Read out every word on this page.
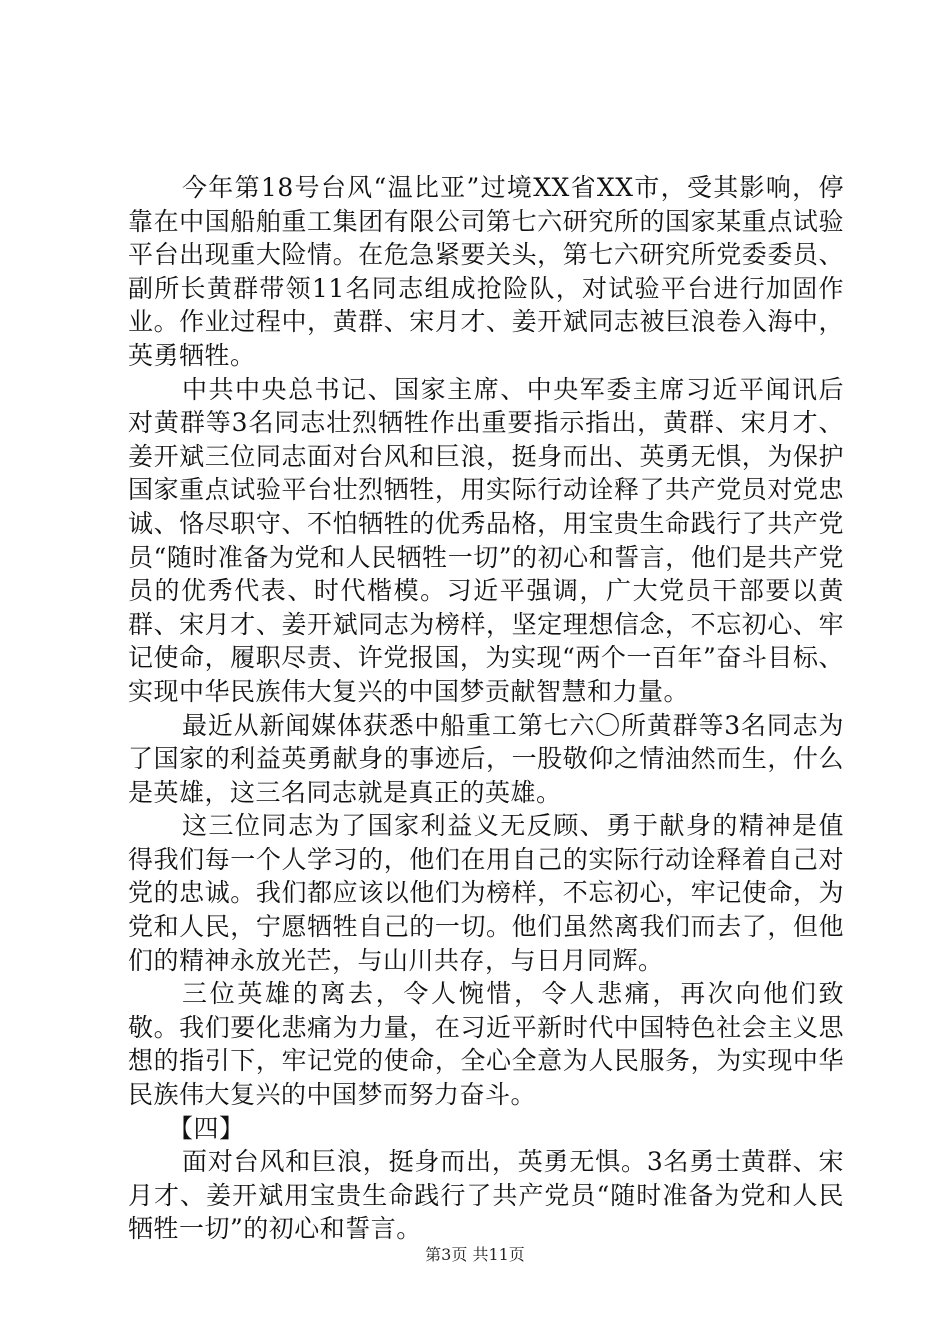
今年第18号台风“温比亚”过境XX省XX市，受其影响，停靠在中国船舶重工集团有限公司第七六研究所的国家某重点试验平台出现重大险情。在危急紧要关头，第七六研究所党委委员、副所长黄群带领11名同志组成抢险队，对试验平台进行加固作业。作业过程中，黄群、宋月才、姜开斌同志被巨浪卷入海中，英勇牺牲。

中共中央总书记、国家主席、中央军委主席习近平闻讯后对黄群等3名同志壮烈牺牲作出重要指示指出，黄群、宋月才、姜开斌三位同志面对台风和巨浪，挺身而出、英勇无惧，为保护国家重点试验平台壮烈牺牲，用实际行动诠释了共产党员对党忠诚、恪尽职守、不怕牺牲的优秀品格，用宝贵生命践行了共产党员“随时准备为党和人民牺牲一切”的初心和誓言，他们是共产党员的优秀代表、时代楷模。习近平强调，广大党员干部要以黄群、宋月才、姜开斌同志为榜样，坚定理想信念，不忘初心、牢记使命，履职尽责、许党报国，为实现“两个一百年”奋斗目标、实现中华民族伟大复兴的中国梦贡献智慧和力量。

最近从新闻媒体获悉中船重工第七六〇所黄群等3名同志为了国家的利益英勇献身的事迹后，一股敬仰之情油然而生，什么是英雄，这三名同志就是真正的英雄。

这三位同志为了国家利益义无反顾、勇于献身的精神是值得我们每一个人学习的，他们在用自己的实际行动诠释着自己对党的忠诚。我们都应该以他们为榜样，不忘初心，牢记使命，为党和人民，宁愿牺牲自己的一切。他们虽然离我们而去了，但他们的精神永放光芒，与山川共存，与日月同辉。

三位英雄的离去，令人惋惜，令人悲痛，再次向他们致敬。我们要化悲痛为力量，在习近平新时代中国特色社会主义思想的指引下，牢记党的使命，全心全意为人民服务，为实现中华民族伟大复兴的中国梦而努力奋斗。

【四】

面对台风和巨浪，挺身而出，英勇无惧。3名勇士黄群、宋月才、姜开斌用宝贵生命践行了共产党员“随时准备为党和人民牺牲一切”的初心和誓言。

第3页 共11页
